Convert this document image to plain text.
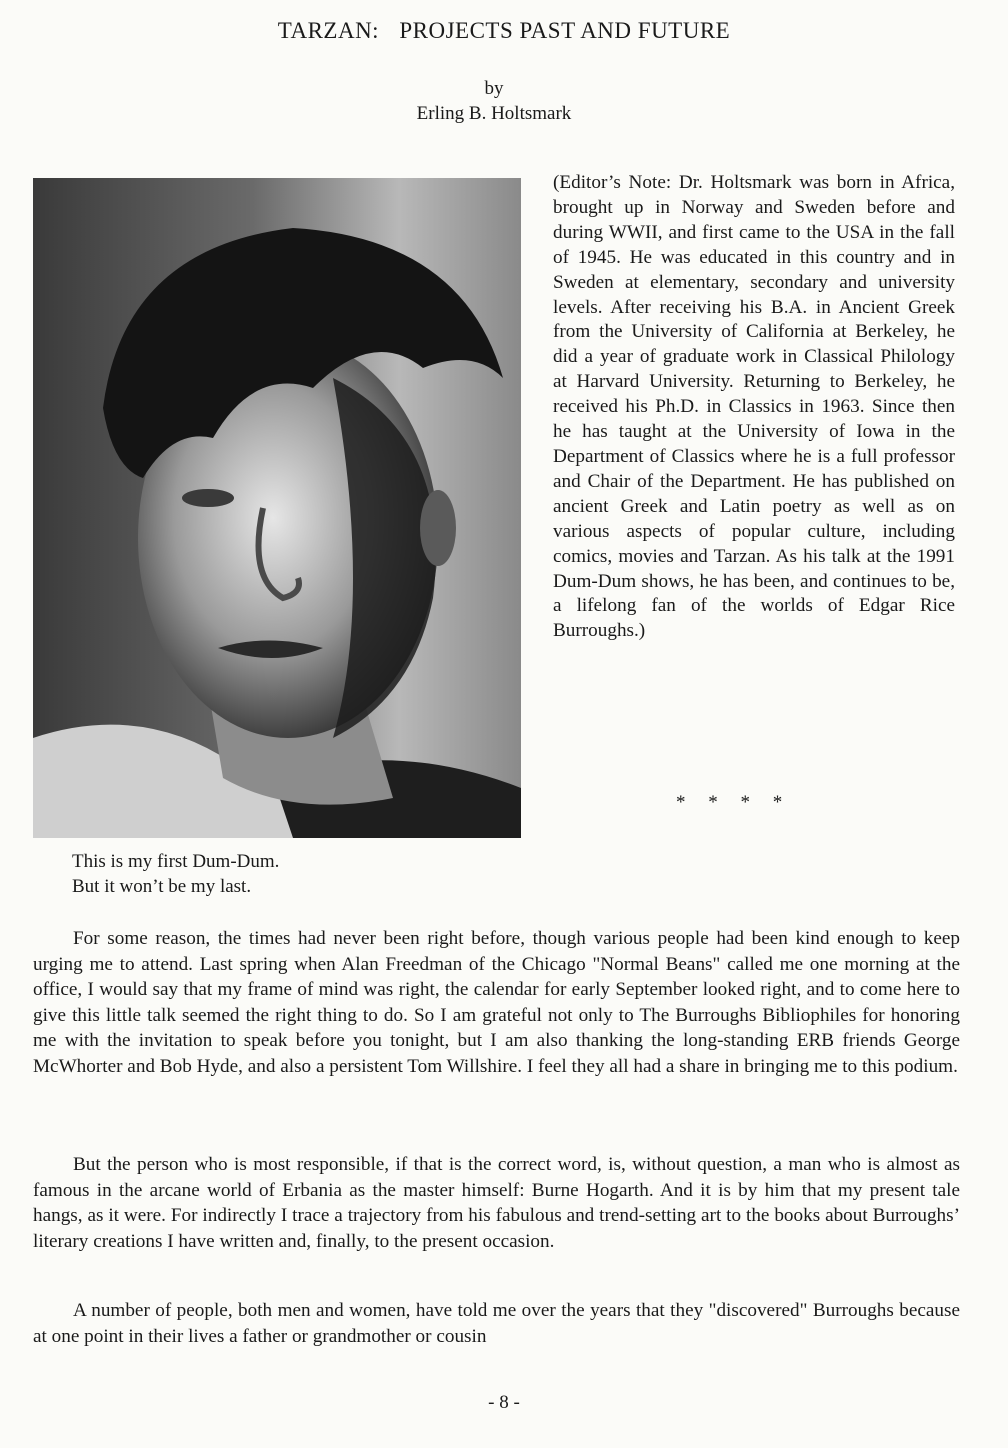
TARZAN: PROJECTS PAST AND FUTURE
by
Erling B. Holtsmark

(Editor’s Note: Dr. Holtsmark was born in Africa, brought up in Norway and Sweden before and during WWII, and first came to the USA in the fall of 1945. He was educated in this country and in Sweden at elementary, secondary and university levels. After receiving his B.A. in Ancient Greek from the University of California at Berkeley, he did a year of graduate work in Classical Philology at Harvard University. Returning to Berkeley, he received his Ph.D. in Classics in 1963. Since then he has taught at the University of Iowa in the Department of Classics where he is a full professor and Chair of the Department. He has published on ancient Greek and Latin poetry as well as on various aspects of popular culture, including comics, movies and Tarzan. As his talk at the 1991 Dum-Dum shows, he has been, and continues to be, a lifelong fan of the worlds of Edgar Rice Burroughs.)

* * * *
This is my first Dum-Dum.
But it won’t be my last.

For some reason, the times had never been right before, though various people had been kind enough to keep urging me to attend. Last spring when Alan Freedman of the Chicago "Normal Beans" called me one morning at the office, I would say that my frame of mind was right, the calendar for early September looked right, and to come here to give this little talk seemed the right thing to do. So I am grateful not only to The Burroughs Bibliophiles for honoring me with the invitation to speak before you tonight, but I am also thanking the long-standing ERB friends George McWhorter and Bob Hyde, and also a persistent Tom Willshire. I feel they all had a share in bringing me to this podium.

But the person who is most responsible, if that is the correct word, is, without question, a man who is almost as famous in the arcane world of Erbania as the master himself: Burne Hogarth. And it is by him that my present tale hangs, as it were. For indirectly I trace a trajectory from his fabulous and trend-setting art to the books about Burroughs’ literary creations I have written and, finally, to the present occasion.

A number of people, both men and women, have told me over the years that they "discovered" Burroughs because at one point in their lives a father or grandmother or cousin

- 8 -
